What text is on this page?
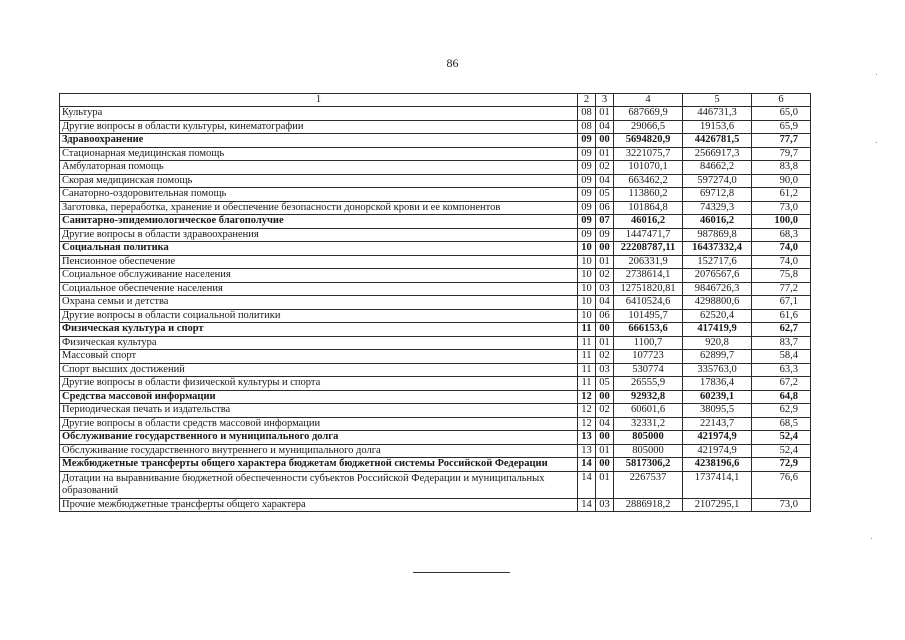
86
1	2	3	4	5	6
Культура	08	01	687669,9	446731,3	65,0
Другие вопросы в области культуры, кинематографии	08	04	29066,5	19153,6	65,9
Здравоохранение	09	00	5694820,9	4426781,5	77,7
Стационарная медицинская помощь	09	01	3221075,7	2566917,3	79,7
Амбулаторная помощь	09	02	101070,1	84662,2	83,8
Скорая медицинская помощь	09	04	663462,2	597274,0	90,0
Санаторно-оздоровительная помощь	09	05	113860,2	69712,8	61,2
Заготовка, переработка, хранение и обеспечение безопасности донорской крови и ее компонентов	09	06	101864,8	74329,3	73,0
Санитарно-эпидемиологическое благополучие	09	07	46016,2	46016,2	100,0
Другие вопросы в области здравоохранения	09	09	1447471,7	987869,8	68,3
Социальная политика	10	00	22208787,11	16437332,4	74,0
Пенсионное обеспечение	10	01	206331,9	152717,6	74,0
Социальное обслуживание населения	10	02	2738614,1	2076567,6	75,8
Социальное обеспечение населения	10	03	12751820,81	9846726,3	77,2
Охрана семьи и детства	10	04	6410524,6	4298800,6	67,1
Другие вопросы в области социальной политики	10	06	101495,7	62520,4	61,6
Физическая культура и спорт	11	00	666153,6	417419,9	62,7
Физическая культура	11	01	1100,7	920,8	83,7
Массовый спорт	11	02	107723	62899,7	58,4
Спорт высших достижений	11	03	530774	335763,0	63,3
Другие вопросы в области физической культуры и спорта	11	05	26555,9	17836,4	67,2
Средства массовой информации	12	00	92932,8	60239,1	64,8
Периодическая печать и издательства	12	02	60601,6	38095,5	62,9
Другие вопросы в области средств массовой информации	12	04	32331,2	22143,7	68,5
Обслуживание государственного и муниципального долга	13	00	805000	421974,9	52,4
Обслуживание государственного внутреннего и муниципального долга	13	01	805000	421974,9	52,4
Межбюджетные трансферты общего характера бюджетам бюджетной системы Российской Федерации	14	00	5817306,2	4238196,6	72,9
Дотации на выравнивание бюджетной обеспеченности субъектов Российской Федерации и муниципальных образований	14	01	2267537	1737414,1	76,6
Прочие межбюджетные трансферты общего характера	14	03	2886918,2	2107295,1	73,0
